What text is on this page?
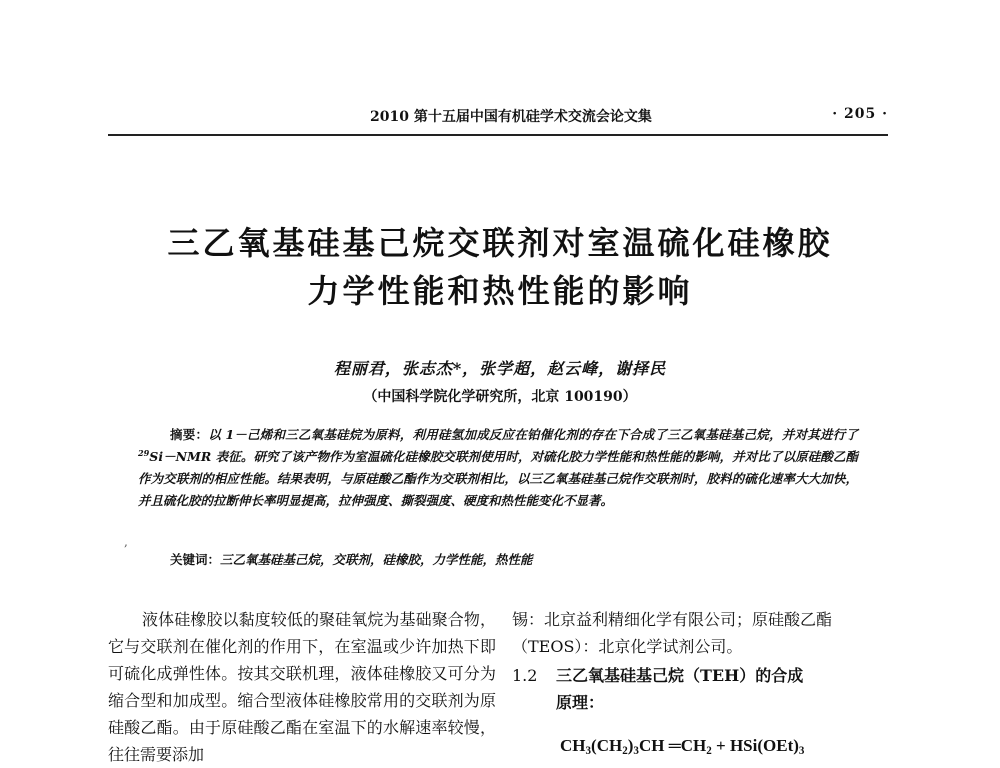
2010 第十五届中国有机硅学术交流会论文集	· 205 ·
三乙氧基硅基己烷交联剂对室温硫化硅橡胶
力学性能和热性能的影响
程丽君，张志杰*，张学超，赵云峰，谢择民
（中国科学院化学研究所，北京 100190）
摘要：以 1－己烯和三乙氧基硅烷为原料，利用硅氢加成反应在铂催化剂的存在下合成了三乙氧基硅基己烷，并对其进行了$^{29}$Si－NMR 表征。研究了该产物作为室温硫化硅橡胶交联剂使用时，对硫化胶力学性能和热性能的影响，并对比了以原硅酸乙酯作为交联剂的相应性能。结果表明，与原硅酸乙酯作为交联剂相比，以三乙氧基硅基己烷作交联剂时，胶料的硫化速率大大加快，并且硫化胶的拉断伸长率明显提高，拉伸强度、撕裂强度、硬度和热性能变化不显著。
,
关键词：三乙氧基硅基己烷，交联剂，硅橡胶，力学性能，热性能
液体硅橡胶以黏度较低的聚硅氧烷为基础聚合物，它与交联剂在催化剂的作用下，在室温或少许加热下即可硫化成弹性体。按其交联机理，液体硅橡胶又可分为缩合型和加成型。缩合型液体硅橡胶常用的交联剂为原硅酸乙酯。由于原硅酸乙酯在室温下的水解速率较慢，往往需要添加

锡：北京益利精细化学有限公司；原硅酸乙酯

（TEOS）：北京化学试剂公司。

1.2 三乙氧基硅基己烷（TEH）的合成

原理：

$CH_3(CH_2)_3CH$ $═CH_2 + HSi(OEt)_3$
